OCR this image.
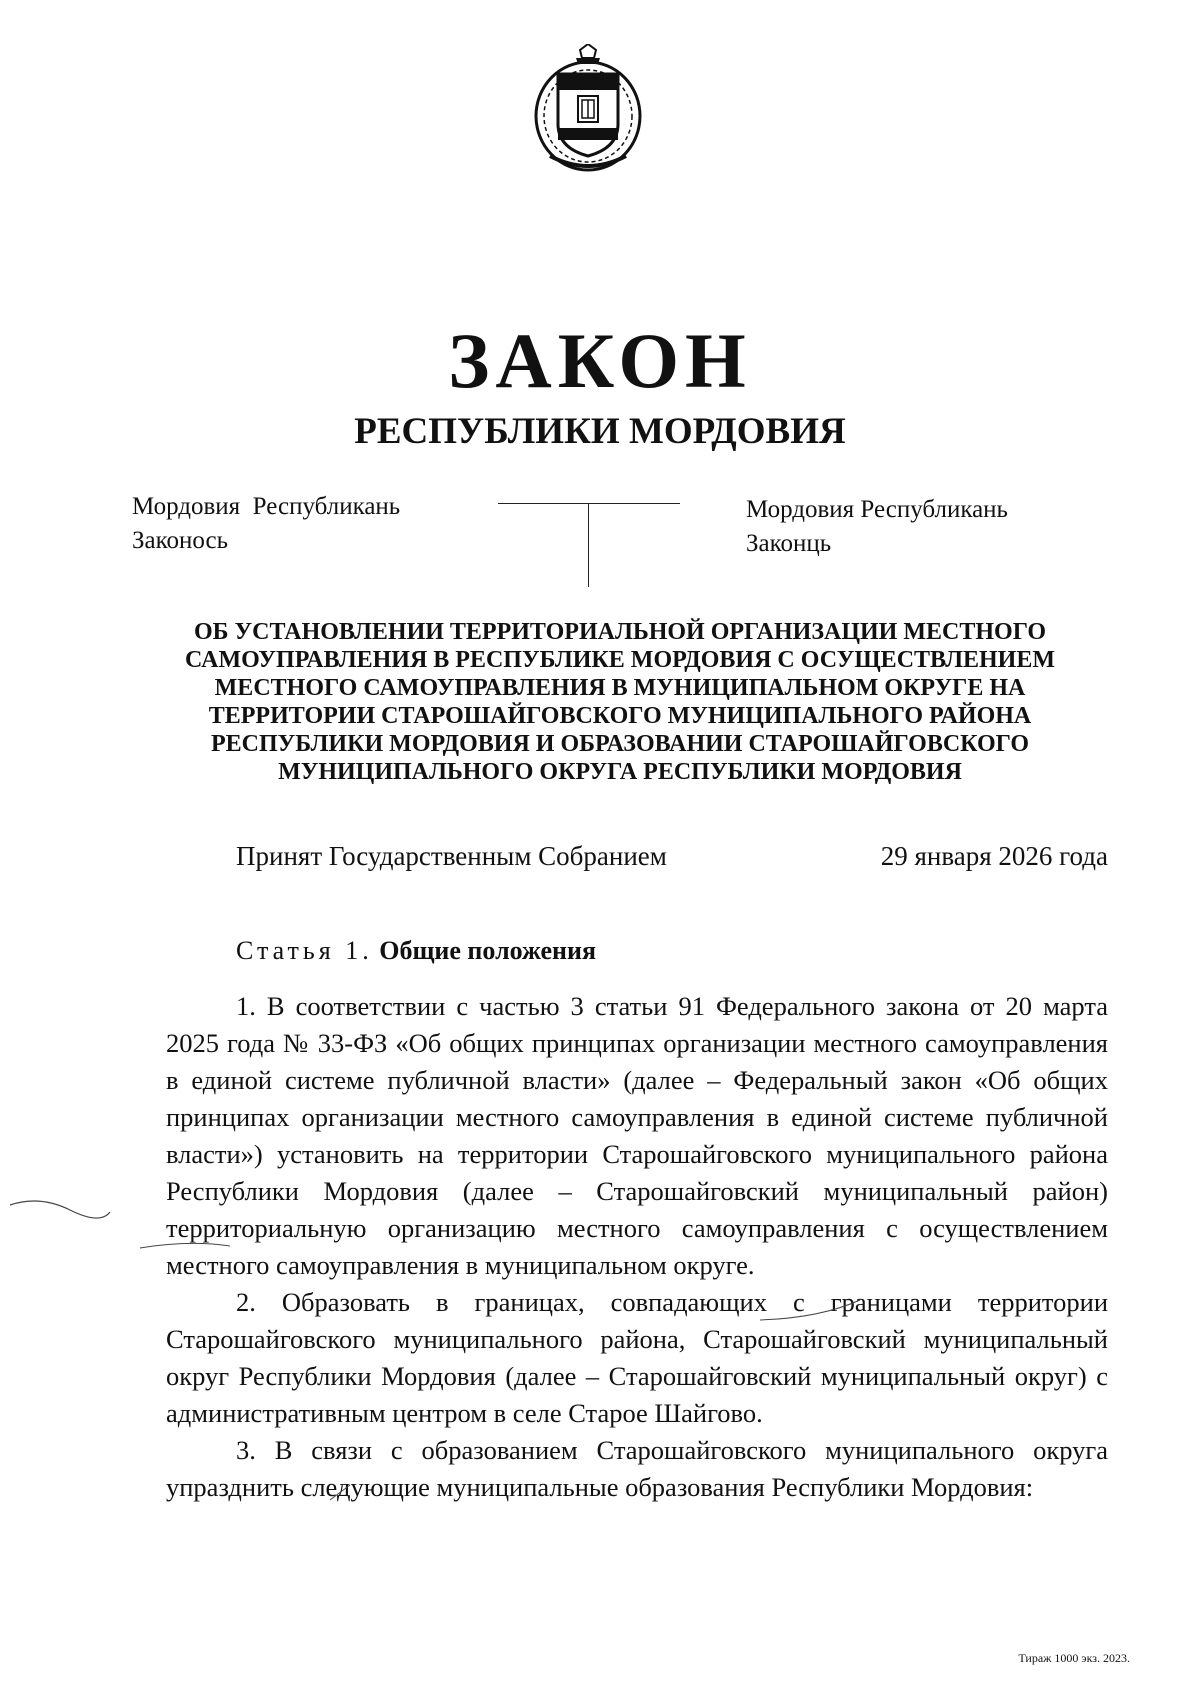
ЗАКОН
РЕСПУБЛИКИ МОРДОВИЯ
Мордовия  Республикань
Законось
Мордовия Республикань
Законць
ОБ УСТАНОВЛЕНИИ ТЕРРИТОРИАЛЬНОЙ ОРГАНИЗАЦИИ МЕСТНОГО САМОУПРАВЛЕНИЯ В РЕСПУБЛИКЕ МОРДОВИЯ С ОСУЩЕСТВЛЕНИЕМ МЕСТНОГО САМОУПРАВЛЕНИЯ В МУНИЦИПАЛЬНОМ ОКРУГЕ НА ТЕРРИТОРИИ СТАРОШАЙГОВСКОГО МУНИЦИПАЛЬНОГО РАЙОНА РЕСПУБЛИКИ МОРДОВИЯ И ОБРАЗОВАНИИ СТАРОШАЙГОВСКОГО МУНИЦИПАЛЬНОГО ОКРУГА РЕСПУБЛИКИ МОРДОВИЯ
Принят Государственным Собранием	29 января 2026 года
Статья 1. Общие положения

1. В соответствии с частью 3 статьи 91 Федерального закона от 20 марта 2025 года № 33-ФЗ «Об общих принципах организации местного самоуправления в единой системе публичной власти» (далее – Федеральный закон «Об общих принципах организации местного самоуправления в единой системе публичной власти») установить на территории Старошайговского муниципального района Республики Мордовия (далее – Старошайговский муниципальный район) территориальную организацию местного самоуправления с осуществлением местного самоуправления в муниципальном округе.

2. Образовать в границах, совпадающих с границами территории Старошайговского муниципального района, Старошайговский муниципальный округ Республики Мордовия (далее – Старошайговский муниципальный округ) с административным центром в селе Старое Шайгово.

3. В связи с образованием Старошайговского муниципального округа упразднить следующие муниципальные образования Республики Мордовия:

Тираж 1000 экз. 2023.
